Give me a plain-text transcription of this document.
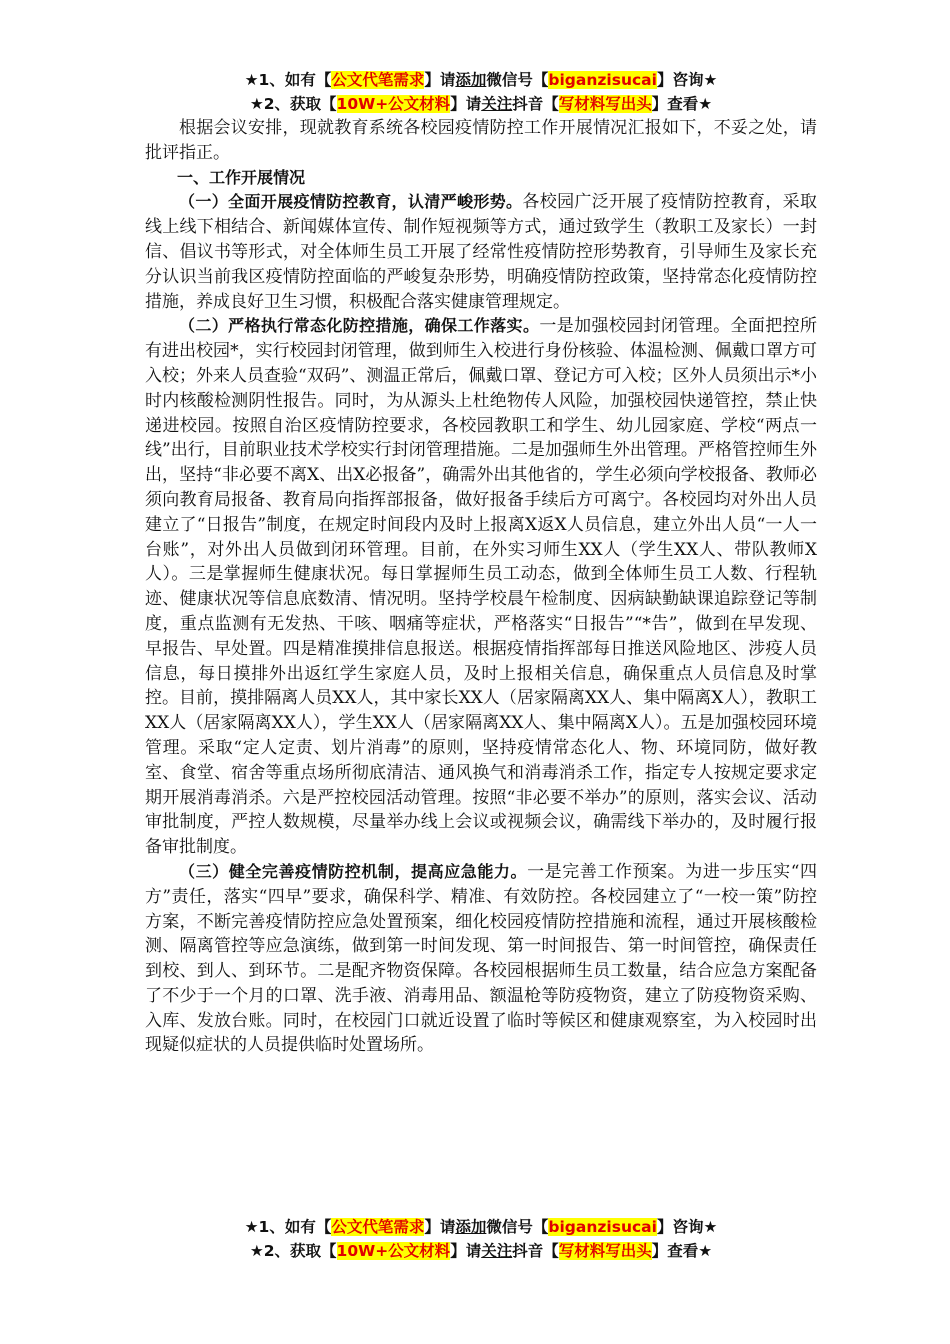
★1、如有【公文代笔需求】请添加微信号【biganzisucai】咨询★
★2、获取【10W+公文材料】请关注抖音【写材料写出头】查看★

根据会议安排，现就教育系统各校园疫情防控工作开展情况汇报如下，不妥之处，请批评指正。

一、工作开展情况

（一）全面开展疫情防控教育，认清严峻形势。各校园广泛开展了疫情防控教育，采取线上线下相结合、新闻媒体宣传、制作短视频等方式，通过致学生（教职工及家长）一封信、倡议书等形式，对全体师生员工开展了经常性疫情防控形势教育，引导师生及家长充分认识当前我区疫情防控面临的严峻复杂形势，明确疫情防控政策，坚持常态化疫情防控措施，养成良好卫生习惯，积极配合落实健康管理规定。

（二）严格执行常态化防控措施，确保工作落实。一是加强校园封闭管理。全面把控所有进出校园*，实行校园封闭管理，做到师生入校进行身份核验、体温检测、佩戴口罩方可入校；外来人员查验“双码”、测温正常后，佩戴口罩、登记方可入校；区外人员须出示*小时内核酸检测阴性报告。同时，为从源头上杜绝物传人风险，加强校园快递管控，禁止快递进校园。按照自治区疫情防控要求，各校园教职工和学生、幼儿园家庭、学校“两点一线”出行，目前职业技术学校实行封闭管理措施。二是加强师生外出管理。严格管控师生外出，坚持“非必要不离X、出X必报备”，确需外出其他省的，学生必须向学校报备、教师必须向教育局报备、教育局向指挥部报备，做好报备手续后方可离宁。各校园均对外出人员建立了“日报告”制度，在规定时间段内及时上报离X返X人员信息，建立外出人员“一人一台账”，对外出人员做到闭环管理。目前，在外实习师生XX人（学生XX人、带队教师X人）。三是掌握师生健康状况。每日掌握师生员工动态，做到全体师生员工人数、行程轨迹、健康状况等信息底数清、情况明。坚持学校晨午检制度、因病缺勤缺课追踪登记等制度，重点监测有无发热、干咳、咽痛等症状，严格落实“日报告”“*告”，做到在早发现、早报告、早处置。四是精准摸排信息报送。根据疫情指挥部每日推送风险地区、涉疫人员信息，每日摸排外出返红学生家庭人员，及时上报相关信息，确保重点人员信息及时掌控。目前，摸排隔离人员XX人，其中家长XX人（居家隔离XX人、集中隔离X人），教职工XX人（居家隔离XX人），学生XX人（居家隔离XX人、集中隔离X人）。五是加强校园环境管理。采取“定人定责、划片消毒”的原则，坚持疫情常态化人、物、环境同防，做好教室、食堂、宿舍等重点场所彻底清洁、通风换气和消毒消杀工作，指定专人按规定要求定期开展消毒消杀。六是严控校园活动管理。按照“非必要不举办”的原则，落实会议、活动审批制度，严控人数规模，尽量举办线上会议或视频会议，确需线下举办的，及时履行报备审批制度。

（三）健全完善疫情防控机制，提高应急能力。一是完善工作预案。为进一步压实“四方”责任，落实“四早”要求，确保科学、精准、有效防控。各校园建立了“一校一策”防控方案，不断完善疫情防控应急处置预案，细化校园疫情防控措施和流程，通过开展核酸检测、隔离管控等应急演练，做到第一时间发现、第一时间报告、第一时间管控，确保责任到校、到人、到环节。二是配齐物资保障。各校园根据师生员工数量，结合应急方案配备了不少于一个月的口罩、洗手液、消毒用品、额温枪等防疫物资，建立了防疫物资采购、入库、发放台账。同时，在校园门口就近设置了临时等候区和健康观察室，为入校园时出现疑似症状的人员提供临时处置场所。

★1、如有【公文代笔需求】请添加微信号【biganzisucai】咨询★
★2、获取【10W+公文材料】请关注抖音【写材料写出头】查看★
